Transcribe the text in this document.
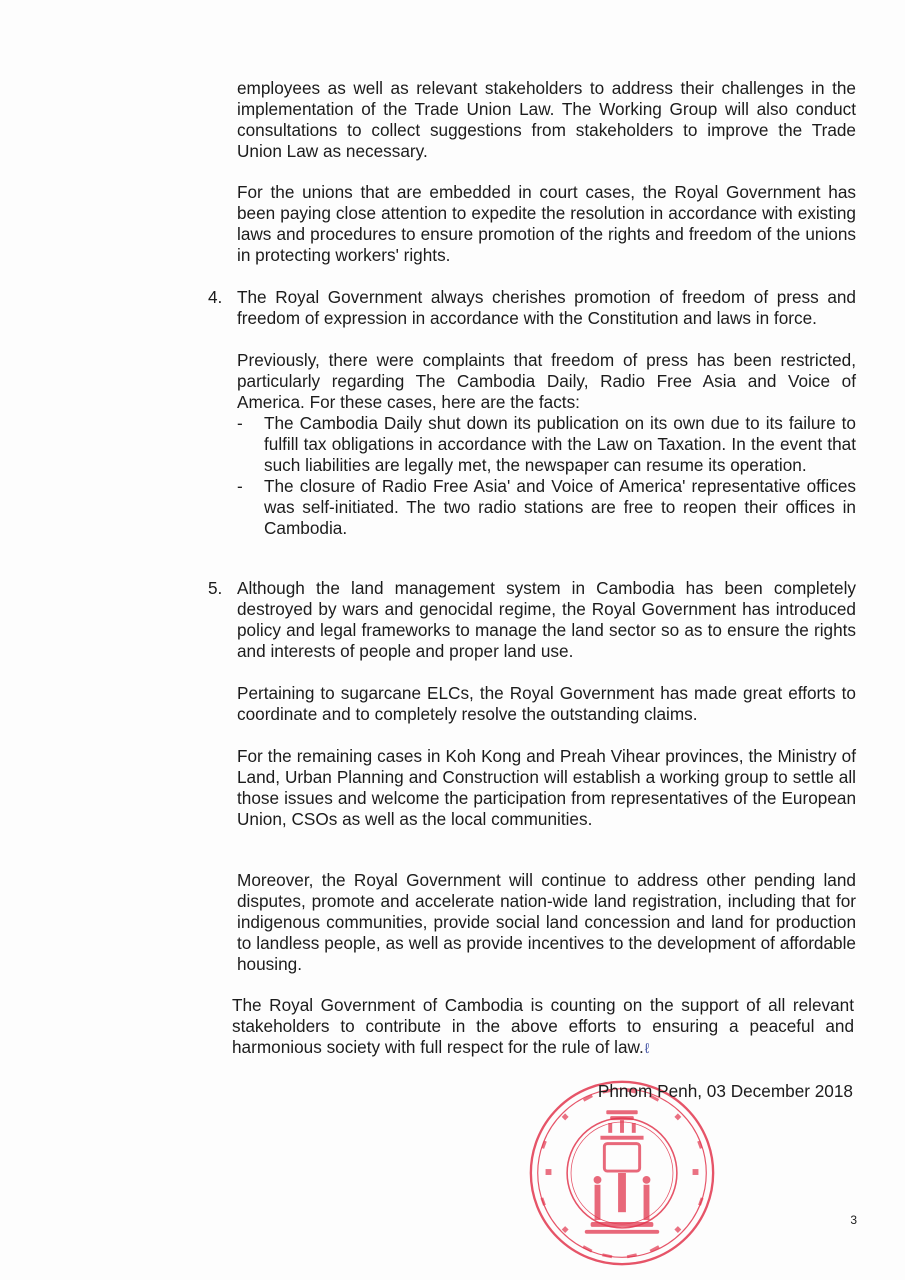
employees as well as relevant stakeholders to address their challenges in the implementation of the Trade Union Law. The Working Group will also conduct consultations to collect suggestions from stakeholders to improve the Trade Union Law as necessary.

For the unions that are embedded in court cases, the Royal Government has been paying close attention to expedite the resolution in accordance with existing laws and procedures to ensure promotion of the rights and freedom of the unions in protecting workers' rights.

4. The Royal Government always cherishes promotion of freedom of press and freedom of expression in accordance with the Constitution and laws in force.

Previously, there were complaints that freedom of press has been restricted, particularly regarding The Cambodia Daily, Radio Free Asia and Voice of America. For these cases, here are the facts:

- The Cambodia Daily shut down its publication on its own due to its failure to fulfill tax obligations in accordance with the Law on Taxation. In the event that such liabilities are legally met, the newspaper can resume its operation.

- The closure of Radio Free Asia' and Voice of America' representative offices was self-initiated. The two radio stations are free to reopen their offices in Cambodia.

5. Although the land management system in Cambodia has been completely destroyed by wars and genocidal regime, the Royal Government has introduced policy and legal frameworks to manage the land sector so as to ensure the rights and interests of people and proper land use.

Pertaining to sugarcane ELCs, the Royal Government has made great efforts to coordinate and to completely resolve the outstanding claims.

For the remaining cases in Koh Kong and Preah Vihear provinces, the Ministry of Land, Urban Planning and Construction will establish a working group to settle all those issues and welcome the participation from representatives of the European Union, CSOs as well as the local communities.

Moreover, the Royal Government will continue to address other pending land disputes, promote and accelerate nation-wide land registration, including that for indigenous communities, provide social land concession and land for production to landless people, as well as provide incentives to the development of affordable housing.

The Royal Government of Cambodia is counting on the support of all relevant stakeholders to contribute in the above efforts to ensuring a peaceful and harmonious society with full respect for the rule of law.ℓ

Phnom Penh, 03 December 2018
3
